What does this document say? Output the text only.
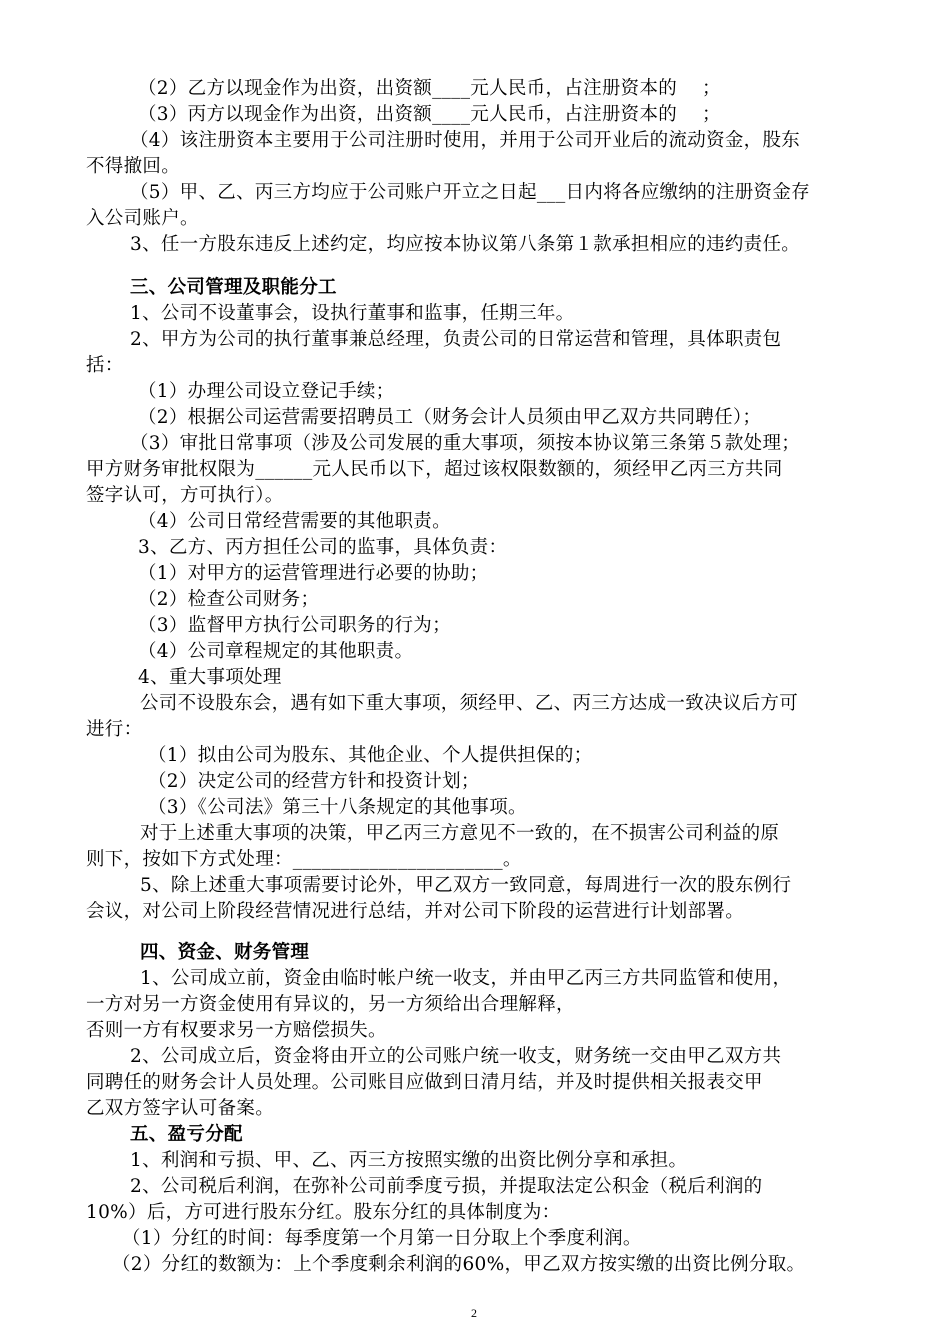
（2）乙方以现金作为出资，出资额____元人民币，占注册资本的 　；
（3）丙方以现金作为出资，出资额____元人民币，占注册资本的 　；
（4）该注册资本主要用于公司注册时使用，并用于公司开业后的流动资金，股东
不得撤回。
（5）甲、乙、丙三方均应于公司账户开立之日起___日内将各应缴纳的注册资金存
入公司账户。
3、任一方股东违反上述约定，均应按本协议第八条第１款承担相应的违约责任。
三、公司管理及职能分工
1、公司不设董事会，设执行董事和监事，任期三年。
2、甲方为公司的执行董事兼总经理，负责公司的日常运营和管理，具体职责包
括：
（1）办理公司设立登记手续；
（2）根据公司运营需要招聘员工（财务会计人员须由甲乙双方共同聘任）；
（3）审批日常事项（涉及公司发展的重大事项，须按本协议第三条第５款处理；
甲方财务审批权限为______元人民币以下，超过该权限数额的，须经甲乙丙三方共同
签字认可，方可执行）。
（4）公司日常经营需要的其他职责。
3、乙方、丙方担任公司的监事，具体负责：
（1）对甲方的运营管理进行必要的协助；
（2）检查公司财务；
（3）监督甲方执行公司职务的行为；
（4）公司章程规定的其他职责。
4、重大事项处理
公司不设股东会，遇有如下重大事项，须经甲、乙、丙三方达成一致决议后方可
进行：
（1）拟由公司为股东、其他企业、个人提供担保的；
（2）决定公司的经营方针和投资计划；
（3）《公司法》第三十八条规定的其他事项。
对于上述重大事项的决策，甲乙丙三方意见不一致的，在不损害公司利益的原
则下，按如下方式处理：______________________。
5、除上述重大事项需要讨论外，甲乙双方一致同意，每周进行一次的股东例行
会议，对公司上阶段经营情况进行总结，并对公司下阶段的运营进行计划部署。
四、资金、财务管理
1、公司成立前，资金由临时帐户统一收支，并由甲乙丙三方共同监管和使用，
一方对另一方资金使用有异议的，另一方须给出合理解释，
否则一方有权要求另一方赔偿损失。
2、公司成立后，资金将由开立的公司账户统一收支，财务统一交由甲乙双方共
同聘任的财务会计人员处理。公司账目应做到日清月结，并及时提供相关报表交甲
乙双方签字认可备案。
五、盈亏分配
1、利润和亏损、甲、乙、丙三方按照实缴的出资比例分享和承担。
2、公司税后利润，在弥补公司前季度亏损，并提取法定公积金（税后利润的
10%）后，方可进行股东分红。股东分红的具体制度为：
（1）分红的时间：每季度第一个月第一日分取上个季度利润。
（2）分红的数额为：上个季度剩余利润的60%，甲乙双方按实缴的出资比例分取。
2
